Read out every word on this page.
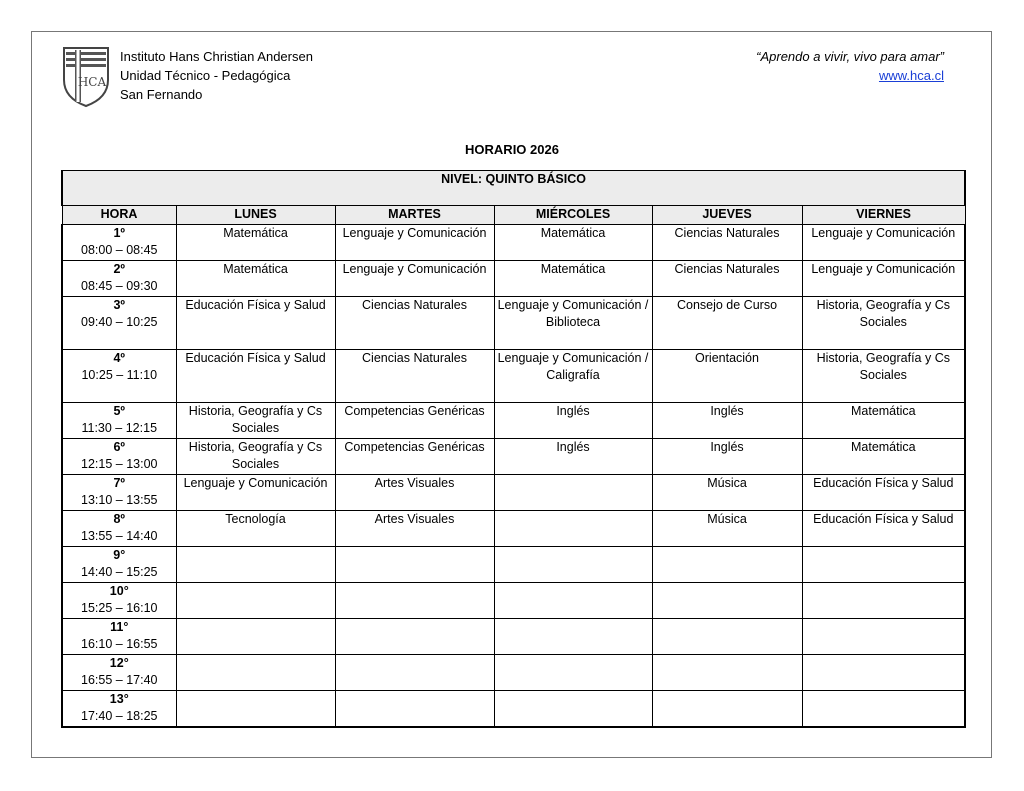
HCA
Instituto Hans Christian Andersen
Unidad Técnico - Pedagógica
San Fernando
“Aprendo a vivir, vivo para amar”
www.hca.cl
HORARIO 2026
NIVEL: QUINTO BÁSICO					
HORA	LUNES	MARTES	MIÉRCOLES	JUEVES	VIERNES

1º
08:00 – 08:45	Matemática	Lenguaje y Comunicación	Matemática	Ciencias Naturales	Lenguaje y Comunicación

2º
08:45 – 09:30	Matemática	Lenguaje y Comunicación	Matemática	Ciencias Naturales	Lenguaje y Comunicación

3º
09:40 – 10:25	Educación Física y Salud	Ciencias Naturales	Lenguaje y Comunicación / Biblioteca	Consejo de Curso	Historia, Geografía y Cs Sociales

4º
10:25 – 11:10	Educación Física y Salud	Ciencias Naturales	Lenguaje y Comunicación / Caligrafía	Orientación	Historia, Geografía y Cs Sociales

5º
11:30 – 12:15	Historia, Geografía y Cs Sociales	Competencias Genéricas	Inglés	Inglés	Matemática

6º
12:15 – 13:00	Historia, Geografía y Cs Sociales	Competencias Genéricas	Inglés	Inglés	Matemática

7º
13:10 – 13:55	Lenguaje y Comunicación	Artes Visuales		Música	Educación Física y Salud

8º
13:55 – 14:40	Tecnología	Artes Visuales		Música	Educación Física y Salud

9°
14:40 – 15:25					

10°
15:25 – 16:10					

11°
16:10 – 16:55					

12°
16:55 – 17:40					

13°
17:40 – 18:25					
